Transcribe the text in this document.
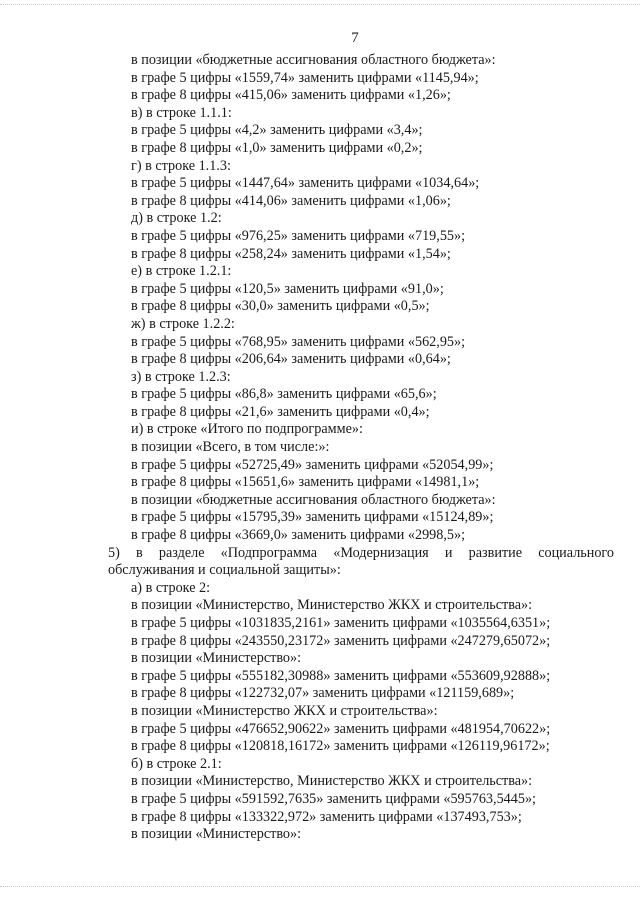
7
в позиции «бюджетные ассигнования областного бюджета»:
в графе 5 цифры «1559,74» заменить цифрами «1145,94»;
в графе 8 цифры «415,06» заменить цифрами «1,26»;
в) в строке 1.1.1:
в графе 5 цифры «4,2» заменить цифрами «3,4»;
в графе 8 цифры «1,0» заменить цифрами «0,2»;
г) в строке 1.1.3:
в графе 5 цифры «1447,64» заменить цифрами «1034,64»;
в графе 8 цифры «414,06» заменить цифрами «1,06»;
д) в строке 1.2:
в графе 5 цифры «976,25» заменить цифрами «719,55»;
в графе 8 цифры «258,24» заменить цифрами «1,54»;
е) в строке 1.2.1:
в графе 5 цифры «120,5» заменить цифрами «91,0»;
в графе 8 цифры «30,0» заменить цифрами «0,5»;
ж) в строке 1.2.2:
в графе 5 цифры «768,95» заменить цифрами «562,95»;
в графе 8 цифры «206,64» заменить цифрами «0,64»;
з) в строке 1.2.3:
в графе 5 цифры «86,8» заменить цифрами «65,6»;
в графе 8 цифры «21,6» заменить цифрами «0,4»;
и) в строке «Итого по подпрограмме»:
в позиции «Всего, в том числе:»:
в графе 5 цифры «52725,49» заменить цифрами «52054,99»;
в графе 8 цифры «15651,6» заменить цифрами «14981,1»;
в позиции «бюджетные ассигнования областного бюджета»:
в графе 5 цифры «15795,39» заменить цифрами «15124,89»;
в графе 8 цифры «3669,0» заменить цифрами «2998,5»;
5) в разделе «Подпрограмма «Модернизация и развитие социального
обслуживания и социальной защиты»:
а) в строке 2:
в позиции «Министерство, Министерство ЖКХ и строительства»:
в графе 5 цифры «1031835,2161» заменить цифрами «1035564,6351»;
в графе 8 цифры «243550,23172» заменить цифрами «247279,65072»;
в позиции «Министерство»:
в графе 5 цифры «555182,30988» заменить цифрами «553609,92888»;
в графе 8 цифры «122732,07» заменить цифрами «121159,689»;
в позиции «Министерство ЖКХ и строительства»:
в графе 5 цифры «476652,90622» заменить цифрами «481954,70622»;
в графе 8 цифры «120818,16172» заменить цифрами «126119,96172»;
б) в строке 2.1:
в позиции «Министерство, Министерство ЖКХ и строительства»:
в графе 5 цифры «591592,7635» заменить цифрами «595763,5445»;
в графе 8 цифры «133322,972» заменить цифрами «137493,753»;
в позиции «Министерство»:
